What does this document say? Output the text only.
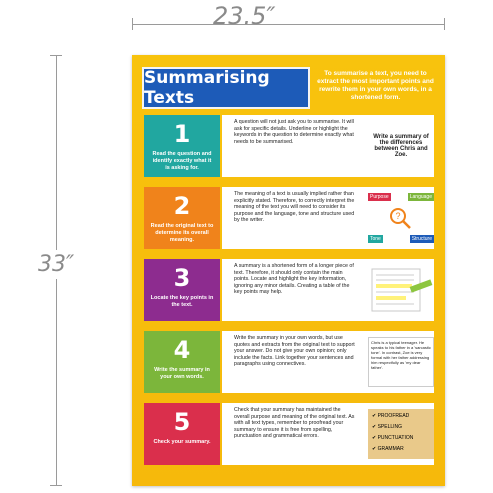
23.5″
33″
Summarising Texts
To summarise a text, you need to extract the most important points and rewrite them in your own words, in a shortened form.
1
Read the question and identify exactly what it is asking for.
A question will not just ask you to summarise. It will ask for specific details. Underline or highlight the keywords in the question to determine exactly what needs to be summarised.
Write a summary of the differences between Chris and Zoe.
2
Read the original text to determine its overall meaning.
The meaning of a text is usually implied rather than explicitly stated. Therefore, to correctly interpret the meaning of the text you will need to consider its purpose and the language, tone and structure used by the writer.
Purpose	Language
Tone	Structure
?
3
Locate the key points in the text.
A summary is a shortened form of a longer piece of text. Therefore, it should only contain the main points. Locate and highlight the key information, ignoring any minor details. Creating a table of the key points may help.
4
Write the summary in your own words.
Write the summary in your own words, but use quotes and extracts from the original text to support your answer. Do not give your own opinion; only include the facts. Link together your sentences and paragraphs using connectives.
Chris is a typical teenager. He speaks to his father in a 'sarcastic tone'. In contrast, Zoe is very formal with her father addressing him respectfully as 'my dear father'.
5
Check your summary.
Check that your summary has maintained the overall purpose and meaning of the original text. As with all text types, remember to proofread your summary to ensure it is free from spelling, punctuation and grammatical errors.
✔ PROOFREAD
✔ SPELLING
✔ PUNCTUATION
✔ GRAMMAR
